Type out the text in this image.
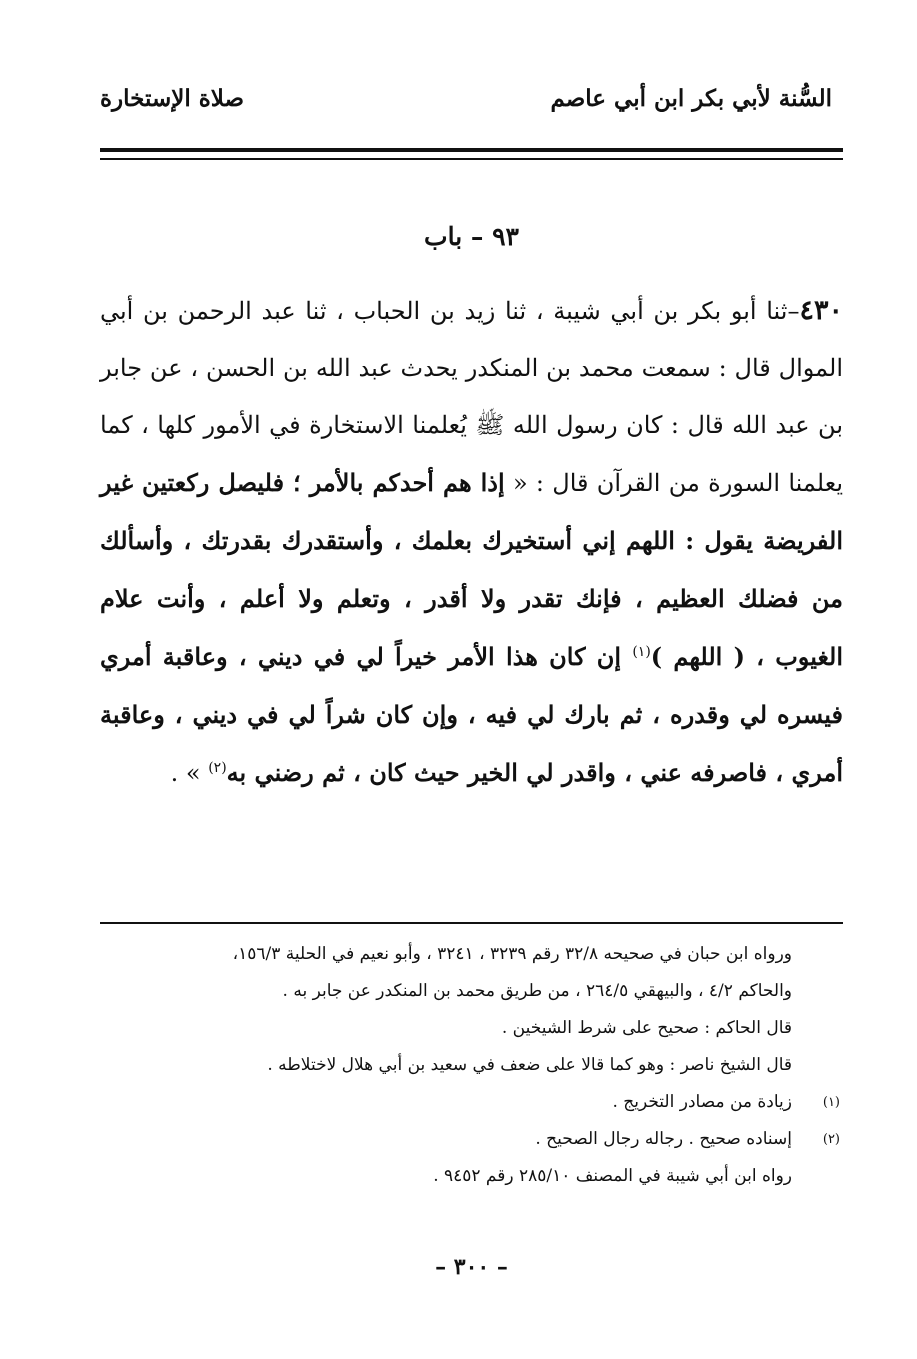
السُّنة لأبي بكر ابن أبي عاصم
صلاة الإستخارة
٩٣ – باب
٤٣٠–ثنا أبو بكر بن أبي شيبة ، ثنا زيد بن الحباب ، ثنا عبد الرحمن بن أبي الموال قال : سمعت محمد بن المنكدر يحدث عبد الله بن الحسن ، عن جابر بن عبد الله قال : كان رسول الله ﷺ يُعلمنا الاستخارة في الأمور كلها ، كما يعلمنا السورة من القرآن قال : « إذا هم أحدكم بالأمر ؛ فليصل ركعتين غير الفريضة يقول : اللهم إني أستخيرك بعلمك ، وأستقدرك بقدرتك ، وأسألك من فضلك العظيم ، فإنك تقدر ولا أقدر ، وتعلم ولا أعلم ، وأنت علام الغيوب ، ( اللهم )$^{(١)}$ إن كان هذا الأمر خيراً لي في ديني ، وعاقبة أمري فيسره لي وقدره ، ثم بارك لي فيه ، وإن كان شراً لي في ديني ، وعاقبة أمري ، فاصرفه عني ، واقدر لي الخير حيث كان ، ثم رضني به$^{(٢)}$ » .
ورواه ابن حبان في صحيحه ٣٢/٨ رقم ٣٢٣٩ ، ٣٢٤١ ، وأبو نعيم في الحلية ١٥٦/٣،
والحاكم ٤/٢ ، والبيهقي ٢٦٤/٥ ، من طريق محمد بن المنكدر عن جابر به .
قال الحاكم : صحيح على شرط الشيخين .
قال الشيخ ناصر : وهو كما قالا على ضعف في سعيد بن أبي هلال لاختلاطه .
(١)زيادة من مصادر التخريج .
(٢)إسناده صحيح . رجاله رجال الصحيح .
رواه ابن أبي شيبة في المصنف ٢٨٥/١٠ رقم ٩٤٥٢ .
– ٣٠٠ –
